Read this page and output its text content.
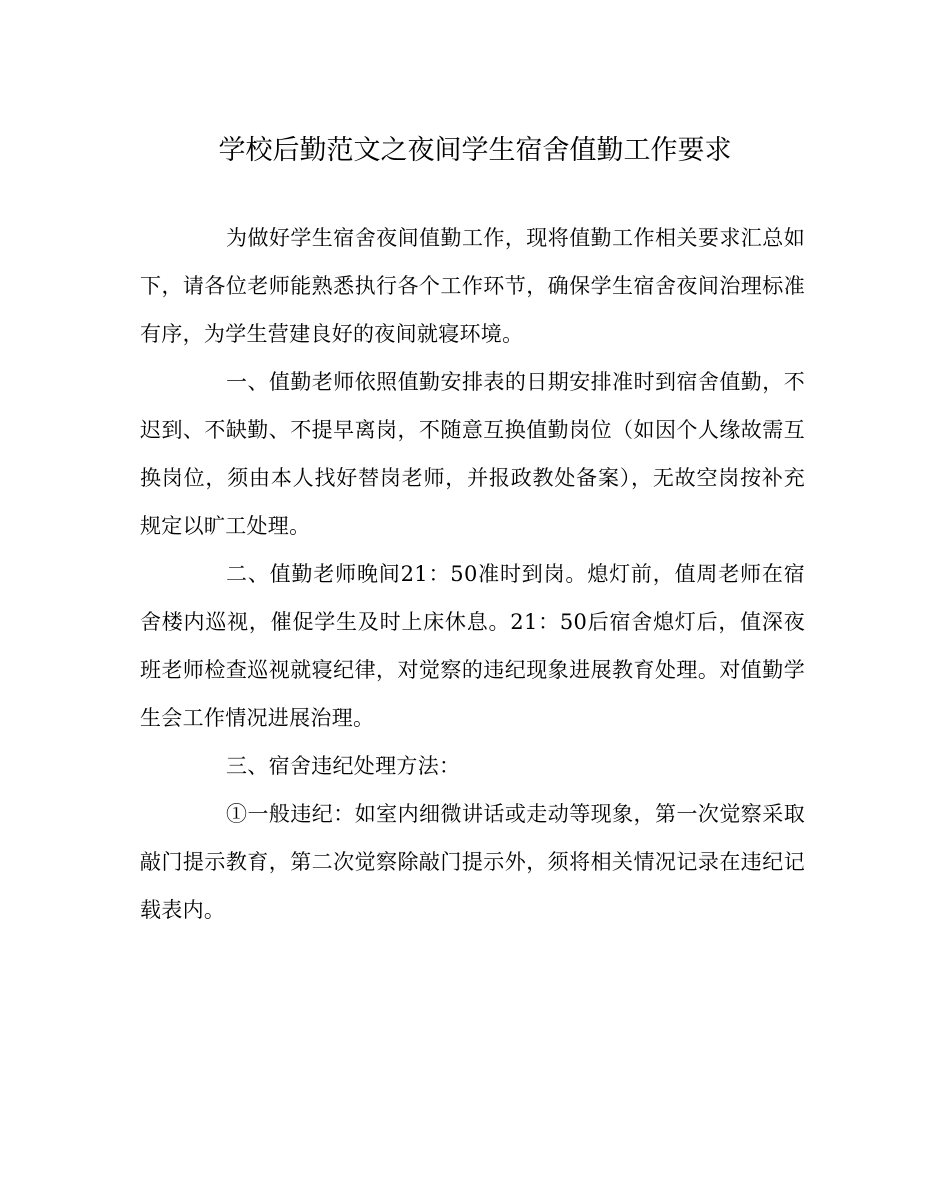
学校后勤范文之夜间学生宿舍值勤工作要求

为做好学生宿舍夜间值勤工作，现将值勤工作相关要求汇总如下，请各位老师能熟悉执行各个工作环节，确保学生宿舍夜间治理标准有序，为学生营建良好的夜间就寝环境。

一、值勤老师依照值勤安排表的日期安排准时到宿舍值勤，不迟到、不缺勤、不提早离岗，不随意互换值勤岗位（如因个人缘故需互换岗位，须由本人找好替岗老师，并报政教处备案），无故空岗按补充规定以旷工处理。

二、值勤老师晚间21：50准时到岗。熄灯前，值周老师在宿舍楼内巡视，催促学生及时上床休息。21：50后宿舍熄灯后，值深夜班老师检查巡视就寝纪律，对觉察的违纪现象进展教育处理。对值勤学生会工作情况进展治理。

三、宿舍违纪处理方法：

①一般违纪：如室内细微讲话或走动等现象，第一次觉察采取敲门提示教育，第二次觉察除敲门提示外，须将相关情况记录在违纪记载表内。
